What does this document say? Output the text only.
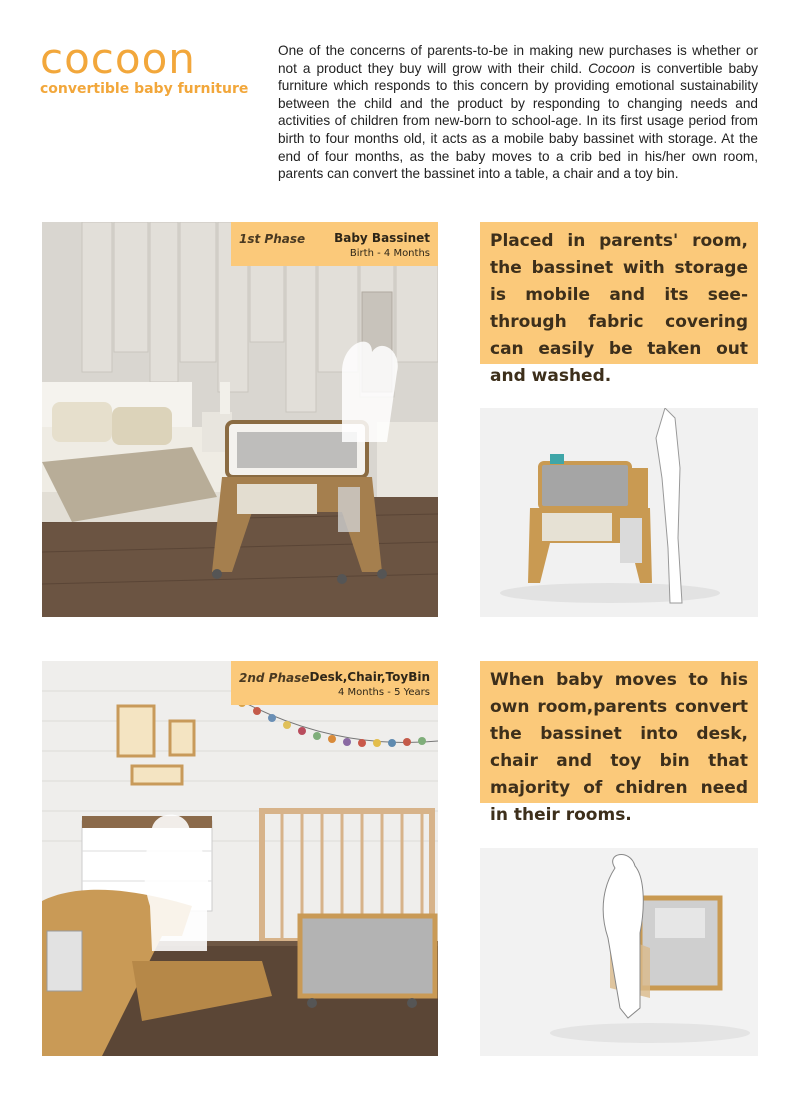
cocoon
convertible baby furniture
One of the concerns of parents-to-be in making new purchases is whether or not a product they buy will grow with their child. Cocoon is convertible baby furniture which responds to this concern by providing emotional sustainability between the child and the product by responding to changing needs and activities of children from new-born to school-age. In its first usage period from birth to four months old, it acts as a mobile baby bassinet with storage. At the end of four months, as the baby moves to a crib bed in his/her own room, parents can convert the bassinet into a table, a chair and a toy bin.
1st Phase Baby Bassinet
Birth - 4 Months

Placed in parents' room, the bassinet with storage is mobile and its see-through fabric covering can easily be taken out and washed.

2nd Phase Desk,Chair,ToyBin
4 Months - 5 Years

When baby moves to his own room,parents convert the bassinet into desk, chair and toy bin that majority of chidren need in their rooms.
